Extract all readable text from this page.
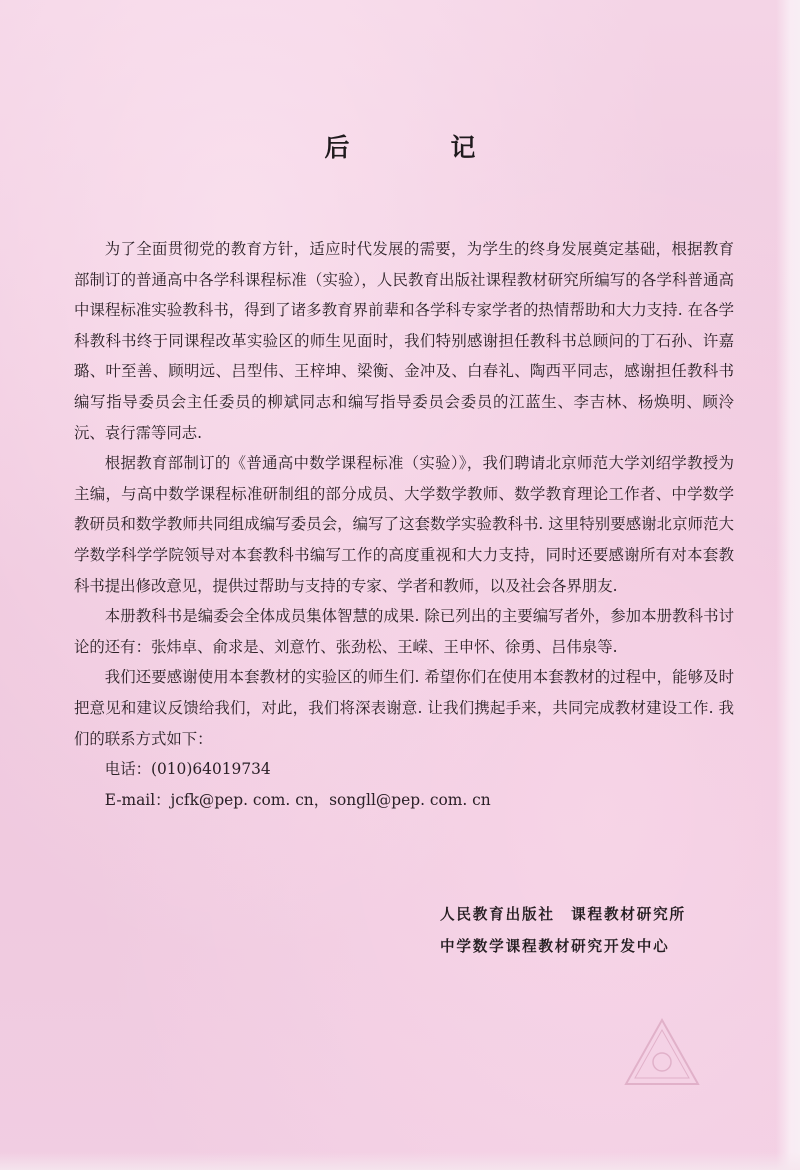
后　记

为了全面贯彻党的教育方针，适应时代发展的需要，为学生的终身发展奠定基础，根据教育部制订的普通高中各学科课程标准（实验），人民教育出版社课程教材研究所编写的各学科普通高中课程标准实验教科书，得到了诸多教育界前辈和各学科专家学者的热情帮助和大力支持. 在各学科教科书终于同课程改革实验区的师生见面时，我们特别感谢担任教科书总顾问的丁石孙、许嘉璐、叶至善、顾明远、吕型伟、王梓坤、梁衡、金冲及、白春礼、陶西平同志，感谢担任教科书编写指导委员会主任委员的柳斌同志和编写指导委员会委员的江蓝生、李吉林、杨焕明、顾泠沅、袁行霈等同志.

根据教育部制订的《普通高中数学课程标准（实验）》，我们聘请北京师范大学刘绍学教授为主编，与高中数学课程标准研制组的部分成员、大学数学教师、数学教育理论工作者、中学数学教研员和数学教师共同组成编写委员会，编写了这套数学实验教科书. 这里特别要感谢北京师范大学数学科学学院领导对本套教科书编写工作的高度重视和大力支持，同时还要感谢所有对本套教科书提出修改意见，提供过帮助与支持的专家、学者和教师，以及社会各界朋友.

本册教科书是编委会全体成员集体智慧的成果. 除已列出的主要编写者外，参加本册教科书讨论的还有：张炜卓、俞求是、刘意竹、张劲松、王嵘、王申怀、徐勇、吕伟泉等.

我们还要感谢使用本套教材的实验区的师生们. 希望你们在使用本套教材的过程中，能够及时把意见和建议反馈给我们，对此，我们将深表谢意. 让我们携起手来，共同完成教材建设工作. 我们的联系方式如下：

电话：(010)64019734

E-mail：jcfk@pep. com. cn，songll@pep. com. cn

人民教育出版社　课程教材研究所
中学数学课程教材研究开发中心
